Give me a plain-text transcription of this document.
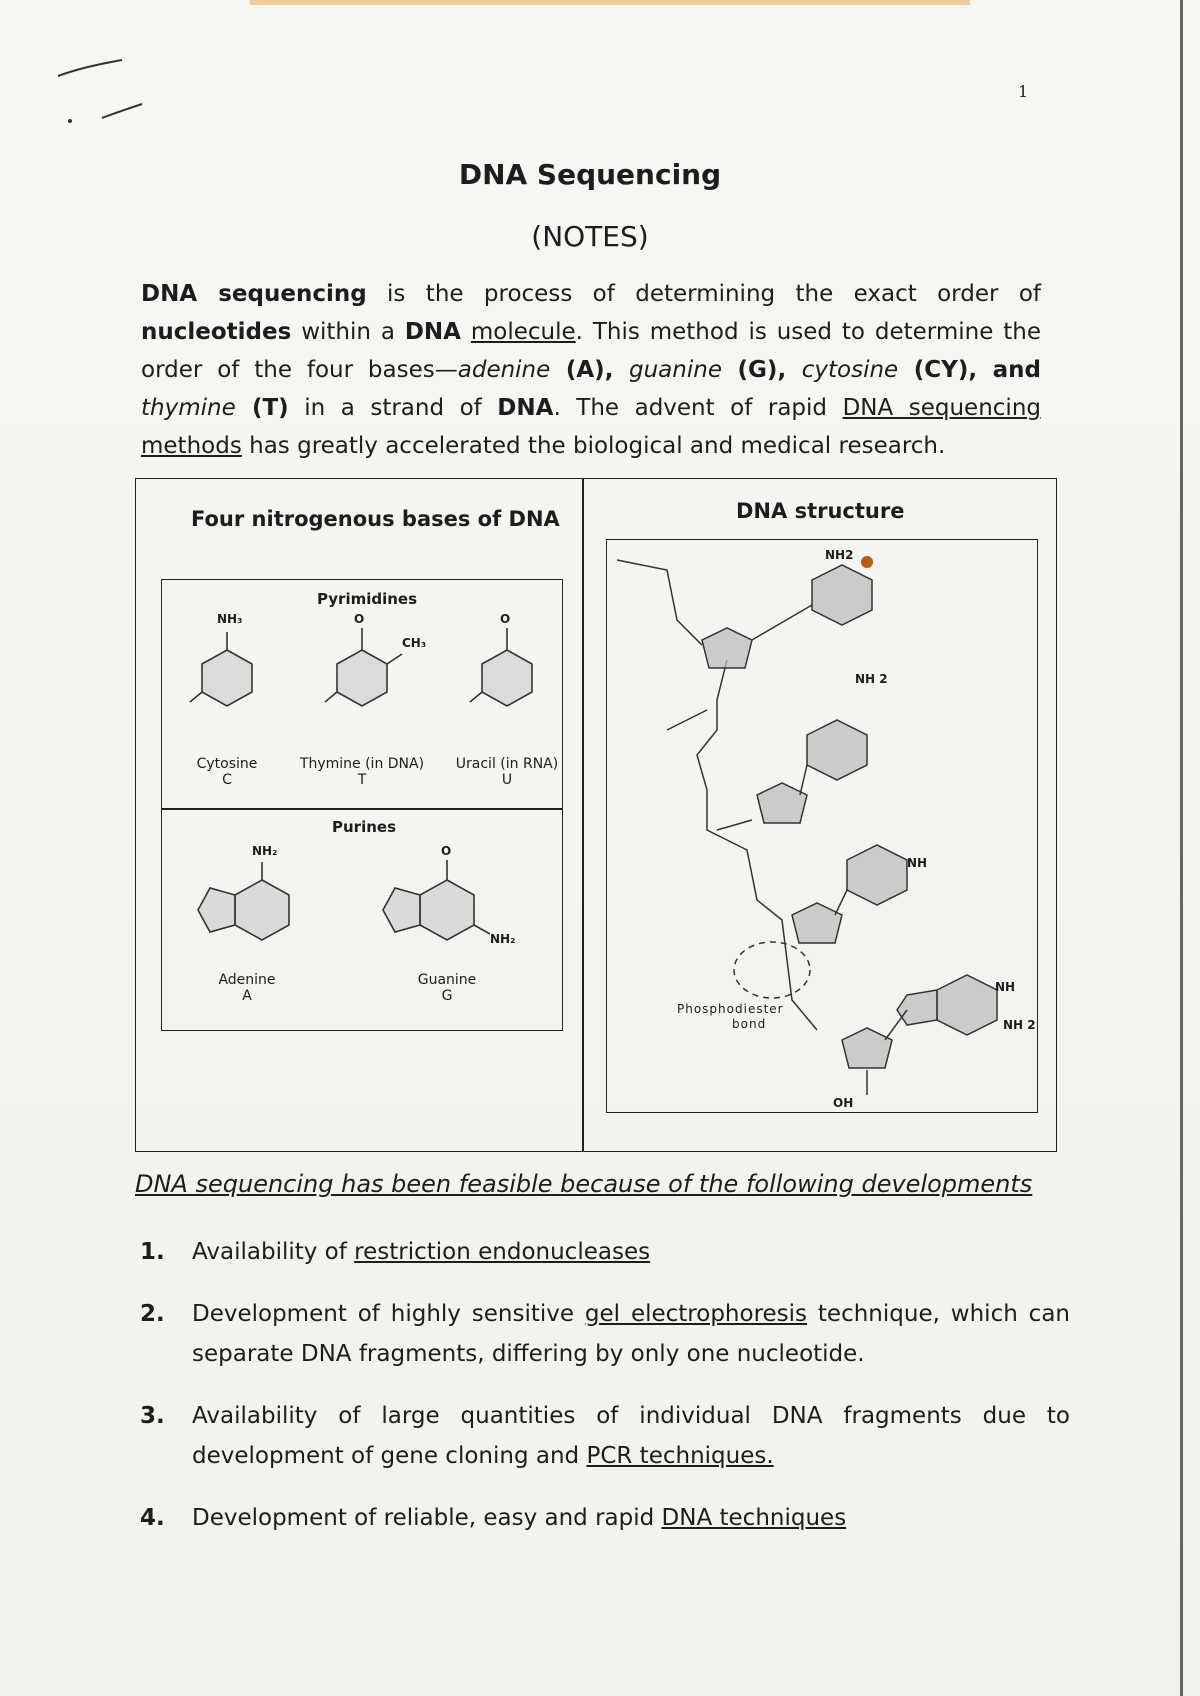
1
DNA Sequencing
(NOTES)
DNA sequencing is the process of determining the exact order of nucleotides within a DNA molecule. This method is used to determine the order of the four bases—adenine (A), guanine (G), cytosine (CY), and thymine (T) in a strand of DNA. The advent of rapid DNA sequencing methods has greatly accelerated the biological and medical research.
Four nitrogenous bases of DNA	DNA structure
Pyrimidines
Purines
NH₃	O
CH₃
O
NH₂	O
NH₂
Cytosine
C
Thymine (in DNA)
T
Uracil (in RNA)
U
Adenine
A
Guanine
G
NH2
NH 2
NH
NH
NH 2
OH
Phosphodiester
bond
DNA sequencing has been feasible because of the following developments
1. Availability of restriction endonucleases
2. Development of highly sensitive gel electrophoresis technique, which can separate DNA fragments, differing by only one nucleotide.
3. Availability of large quantities of individual DNA fragments due to development of gene cloning and PCR techniques.
4. Development of reliable, easy and rapid DNA techniques
